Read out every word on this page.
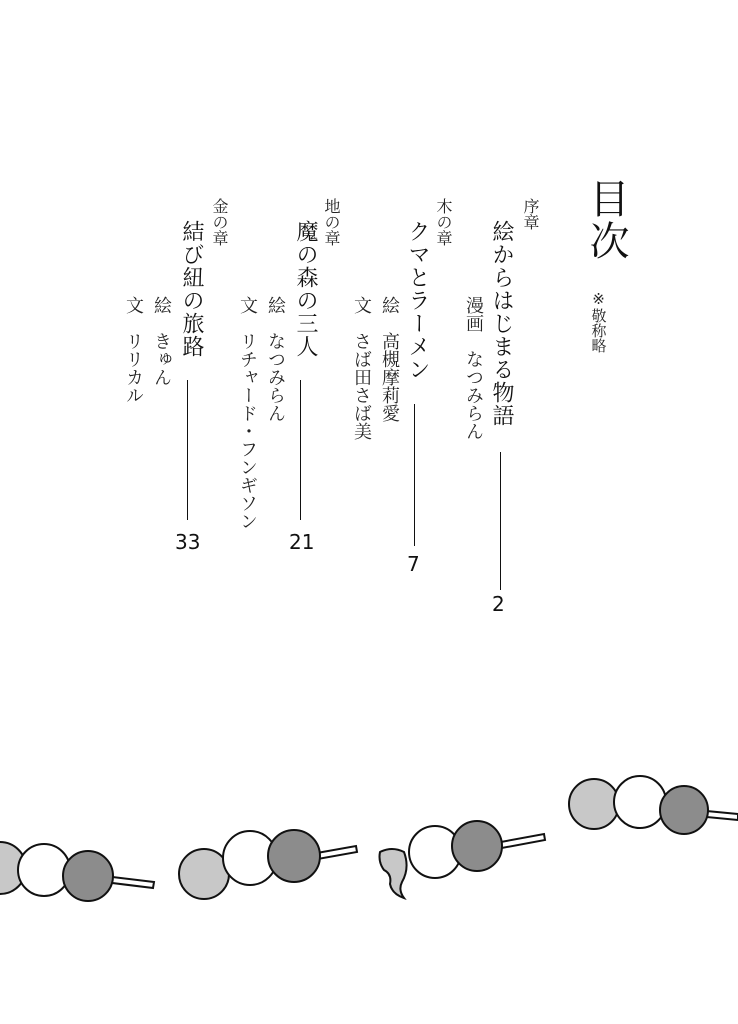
目次
※敬称略
序章
絵からはじまる物語
漫画なつみらん
2
木の章
クマとラーメン
絵高槻摩莉愛
文さば田さば美
7
地の章
魔の森の三人
絵なつみらん
文リチャード・フンギソン
21
金の章
結び紐の旅路
絵きゅん
文リリカル
33
